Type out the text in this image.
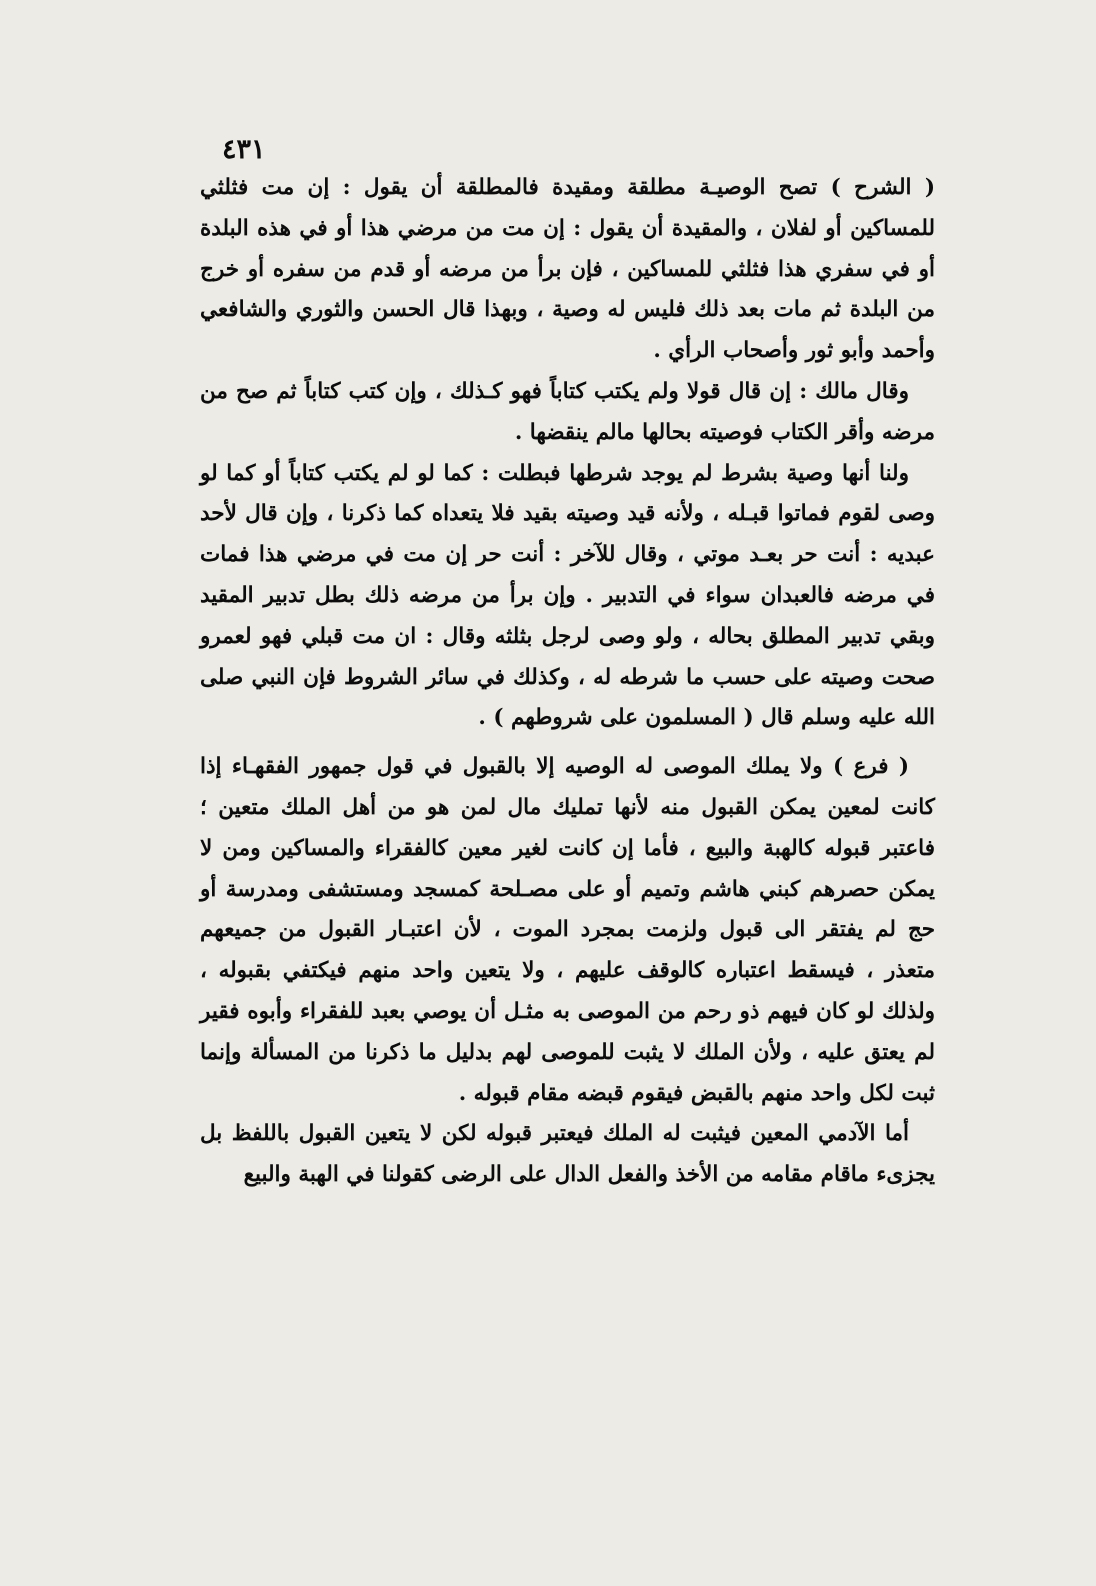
٤٣١

( الشرح ) تصح الوصيـة مطلقة ومقيدة فالمطلقة أن يقول : إن مت فثلثي للمساكين أو لفلان ، والمقيدة أن يقول : إن مت من مرضي هذا أو في هذه البلدة أو في سفري هذا فثلثي للمساكين ، فإن برأ من مرضه أو قدم من سفره أو خرج من البلدة ثم مات بعد ذلك فليس له وصية ، وبهذا قال الحسن والثوري والشافعي وأحمد وأبو ثور وأصحاب الرأي .

وقال مالك : إن قال قولا ولم يكتب كتاباً فهو كـذلك ، وإن كتب كتاباً ثم صح من مرضه وأقر الكتاب فوصيته بحالها مالم ينقضها .

ولنا أنها وصية بشرط لم يوجد شرطها فبطلت : كما لو لم يكتب كتاباً أو كما لو وصى لقوم فماتوا قبـله ، ولأنه قيد وصيته بقيد فلا يتعداه كما ذكرنا ، وإن قال لأحد عبديه : أنت حر بعـد موتي ، وقال للآخر : أنت حر إن مت في مرضي هذا فمات في مرضه فالعبدان سواء في التدبير . وإن برأ من مرضه ذلك بطل تدبير المقيد وبقي تدبير المطلق بحاله ، ولو وصى لرجل بثلثه وقال : ان مت قبلي فهو لعمرو صحت وصيته على حسب ما شرطه له ، وكذلك في سائر الشروط فإن النبي صلى الله عليه وسلم قال ( المسلمون على شروطهم ) .

( فرع ) ولا يملك الموصى له الوصيه إلا بالقبول في قول جمهور الفقهـاء إذا كانت لمعين يمكن القبول منه لأنها تمليك مال لمن هو من أهل الملك متعين ؛ فاعتبر قبوله كالهبة والبيع ، فأما إن كانت لغير معين كالفقراء والمساكين ومن لا يمكن حصرهم كبني هاشم وتميم أو على مصـلحة كمسجد ومستشفى ومدرسة أو حج لم يفتقر الى قبول ولزمت بمجرد الموت ، لأن اعتبـار القبول من جميعهم متعذر ، فيسقط اعتباره كالوقف عليهم ، ولا يتعين واحد منهم فيكتفي بقبوله ، ولذلك لو كان فيهم ذو رحم من الموصى به مثـل أن يوصي بعبد للفقراء وأبوه فقير لم يعتق عليه ، ولأن الملك لا يثبت للموصى لهم بدليل ما ذكرنا من المسألة وإنما ثبت لكل واحد منهم بالقبض فيقوم قبضه مقام قبوله .

أما الآدمي المعين فيثبت له الملك فيعتبر قبوله لكن لا يتعين القبول باللفظ بل يجزىء ماقام مقامه من الأخذ والفعل الدال على الرضى كقولنا في الهبة والبيع
